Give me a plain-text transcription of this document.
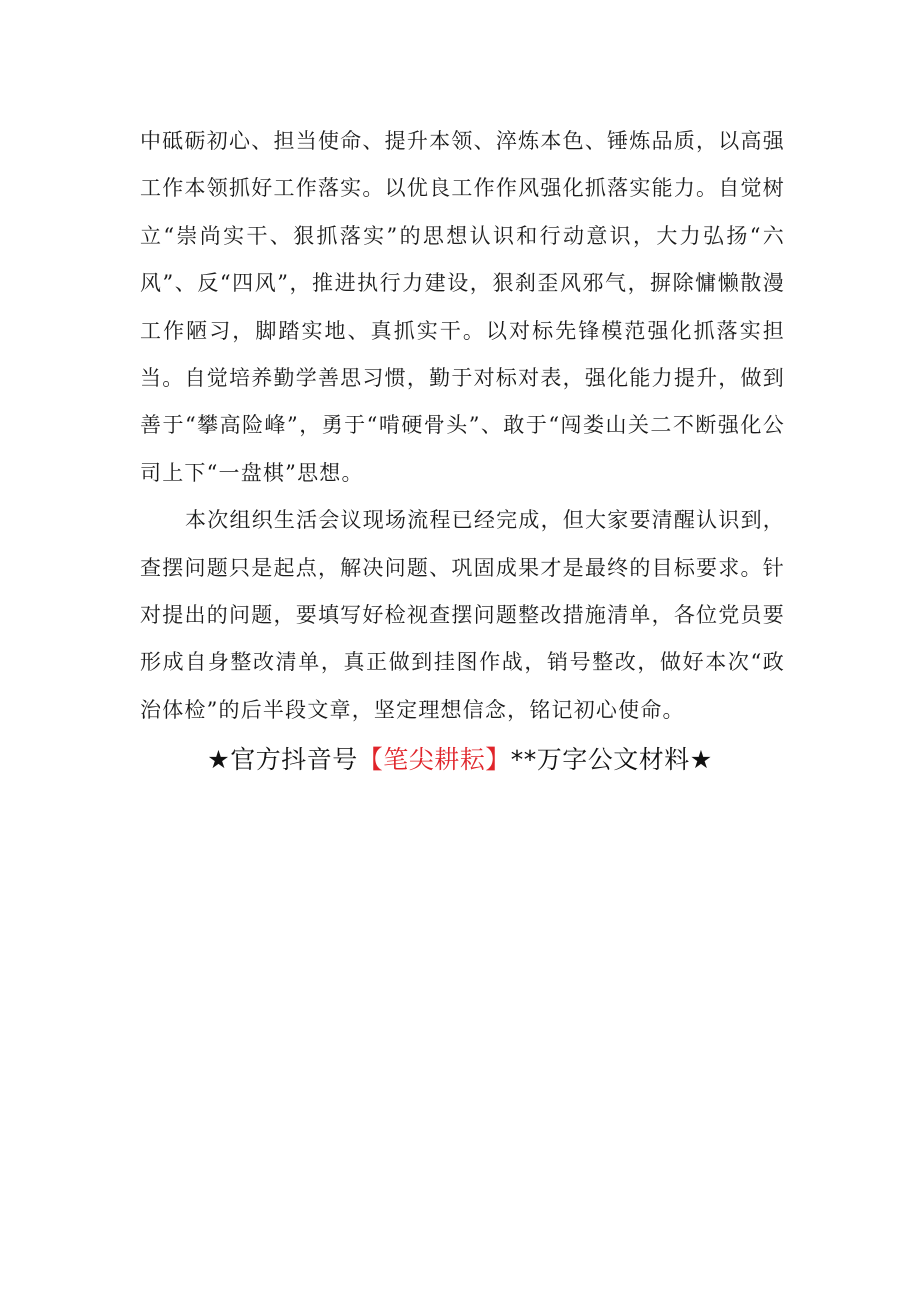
中砥砺初心、担当使命、提升本领、淬炼本色、锤炼品质，以高强工作本领抓好工作落实。以优良工作作风强化抓落实能力。自觉树立“崇尚实干、狠抓落实”的思想认识和行动意识，大力弘扬“六风”、反“四风”，推进执行力建设，狠刹歪风邪气，摒除慵懒散漫工作陋习，脚踏实地、真抓实干。以对标先锋模范强化抓落实担当。自觉培养勤学善思习惯，勤于对标对表，强化能力提升，做到善于“攀高险峰”，勇于“啃硬骨头”、敢于“闯娄山关二不断强化公司上下“一盘棋”思想。

本次组织生活会议现场流程已经完成，但大家要清醒认识到，查摆问题只是起点，解决问题、巩固成果才是最终的目标要求。针对提出的问题，要填写好检视查摆问题整改措施清单，各位党员要形成自身整改清单，真正做到挂图作战，销号整改，做好本次“政治体检”的后半段文章，坚定理想信念，铭记初心使命。

★官方抖音号【笔尖耕耘】**万字公文材料★
